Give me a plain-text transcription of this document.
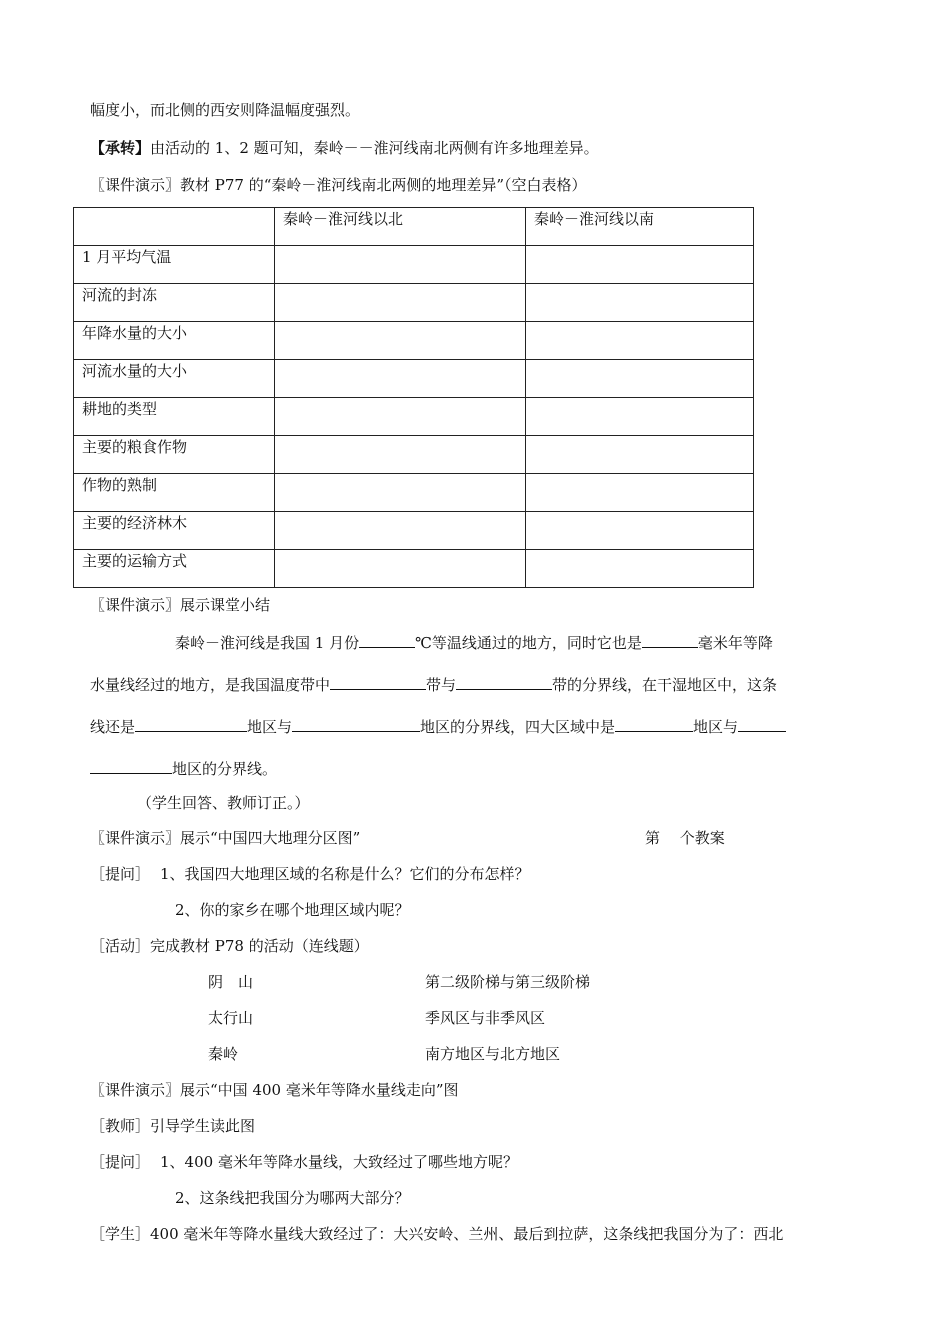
幅度小，而北侧的西安则降温幅度强烈。
【承转】由活动的 1、2 题可知，秦岭－－淮河线南北两侧有许多地理差异。
〖课件演示〗教材 P77 的“秦岭－淮河线南北两侧的地理差异”（空白表格）
	秦岭－淮河线以北	秦岭－淮河线以南
1 月平均气温		
河流的封冻		
年降水量的大小		
河流水量的大小		
耕地的类型		
主要的粮食作物		
作物的熟制		
主要的经济林木		
主要的运输方式		
〖课件演示〗展示课堂小结
秦岭－淮河线是我国 1 月份	℃等温线通过的地方，同时它也是	毫米年等降
水量线经过的地方，是我国温度带中	带与	带的分界线，在干湿地区中，这条
线还是	地区与	地区的分界线，四大区域中是	地区与
地区的分界线。
（学生回答、教师订正。）
〖课件演示〗展示“中国四大地理分区图”	第　 个教案
［提问］ 1、我国四大地理区域的名称是什么？它们的分布怎样？
2、你的家乡在哪个地理区域内呢？
［活动］完成教材 P78 的活动（连线题）
阴　山	第二级阶梯与第三级阶梯
太行山	季风区与非季风区
秦岭	南方地区与北方地区
〖课件演示〗展示“中国 400 毫米年等降水量线走向”图
［教师］引导学生读此图
［提问］ 1、400 毫米年等降水量线，大致经过了哪些地方呢？
2、这条线把我国分为哪两大部分？
［学生］400 毫米年等降水量线大致经过了：大兴安岭、兰州、最后到拉萨，这条线把我国分为了：西北
